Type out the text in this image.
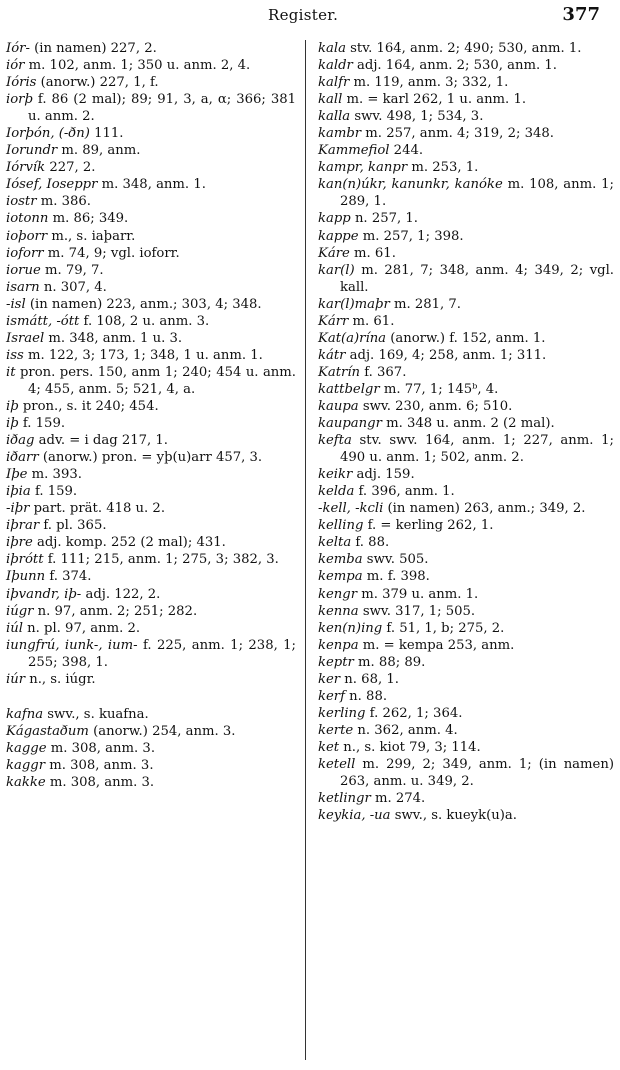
Register.	377

Iór- (in namen) 227, 2.

iór m. 102, anm. 1; 350 u. anm. 2, 4.

Ióris (anorw.) 227, 1, f.

iorþ f. 86 (2 mal); 89; 91, 3, a, α; 366; 381 u. anm. 2.

Iorþón, (-ðn) 111.

Iorundr m. 89, anm.

Iórvík 227, 2.

Iósef, Ioseppr m. 348, anm. 1.

iostr m. 386.

iotonn m. 86; 349.

ioþorr m., s. iaþarr.

ioforr m. 74, 9; vgl. ioforr.

iorue m. 79, 7.

isarn n. 307, 4.

-isl (in namen) 223, anm.; 303, 4; 348.

ismátt, -ótt f. 108, 2 u. anm. 3.

Israel m. 348, anm. 1 u. 3.

iss m. 122, 3; 173, 1; 348, 1 u. anm. 1.

it pron. pers. 150, anm 1; 240; 454 u. anm. 4; 455, anm. 5; 521, 4, a.

iþ pron., s. it 240; 454.

iþ f. 159.

iðag adv. = i dag 217, 1.

iðarr (anorw.) pron. = yþ(u)arr 457, 3.

Iþe m. 393.

iþia f. 159.

-iþr part. prät. 418 u. 2.

iþrar f. pl. 365.

iþre adj. komp. 252 (2 mal); 431.

iþrótt f. 111; 215, anm. 1; 275, 3; 382, 3.

Iþunn f. 374.

iþvandr, iþ- adj. 122, 2.

iúgr n. 97, anm. 2; 251; 282.

iúl n. pl. 97, anm. 2.

iungfrú, iunk-, ium- f. 225, anm. 1; 238, 1; 255; 398, 1.

iúr n., s. iúgr.

kafna swv., s. kuafna.

Kágastaðum (anorw.) 254, anm. 3.

kagge m. 308, anm. 3.

kaggr m. 308, anm. 3.

kakke m. 308, anm. 3.

kala stv. 164, anm. 2; 490; 530, anm. 1.

kaldr adj. 164, anm. 2; 530, anm. 1.

kalfr m. 119, anm. 3; 332, 1.

kall m. = karl 262, 1 u. anm. 1.

kalla swv. 498, 1; 534, 3.

kambr m. 257, anm. 4; 319, 2; 348.

Kammefiol 244.

kampr, kanpr m. 253, 1.

kan(n)úkr, kanunkr, kanóke m. 108, anm. 1; 289, 1.

kapp n. 257, 1.

kappe m. 257, 1; 398.

Káre m. 61.

kar(l) m. 281, 7; 348, anm. 4; 349, 2; vgl. kall.

kar(l)maþr m. 281, 7.

Kárr m. 61.

Kat(a)rína (anorw.) f. 152, anm. 1.

kátr adj. 169, 4; 258, anm. 1; 311.

Katrín f. 367.

kattbelgr m. 77, 1; 145ᵇ, 4.

kaupa swv. 230, anm. 6; 510.

kaupangr m. 348 u. anm. 2 (2 mal).

kefta stv. swv. 164, anm. 1; 227, anm. 1; 490 u. anm. 1; 502, anm. 2.

keikr adj. 159.

kelda f. 396, anm. 1.

-kell, -kcli (in namen) 263, anm.; 349, 2.

kelling f. = kerling 262, 1.

kelta f. 88.

kemba swv. 505.

kempa m. f. 398.

kengr m. 379 u. anm. 1.

kenna swv. 317, 1; 505.

ken(n)ing f. 51, 1, b; 275, 2.

kenpa m. = kempa 253, anm.

keptr m. 88; 89.

ker n. 68, 1.

kerf n. 88.

kerling f. 262, 1; 364.

kerte n. 362, anm. 4.

ket n., s. kiot 79, 3; 114.

ketell m. 299, 2; 349, anm. 1; (in namen) 263, anm. u. 349, 2.

ketlingr m. 274.

keykia, -ua swv., s. kueyk(u)a.
